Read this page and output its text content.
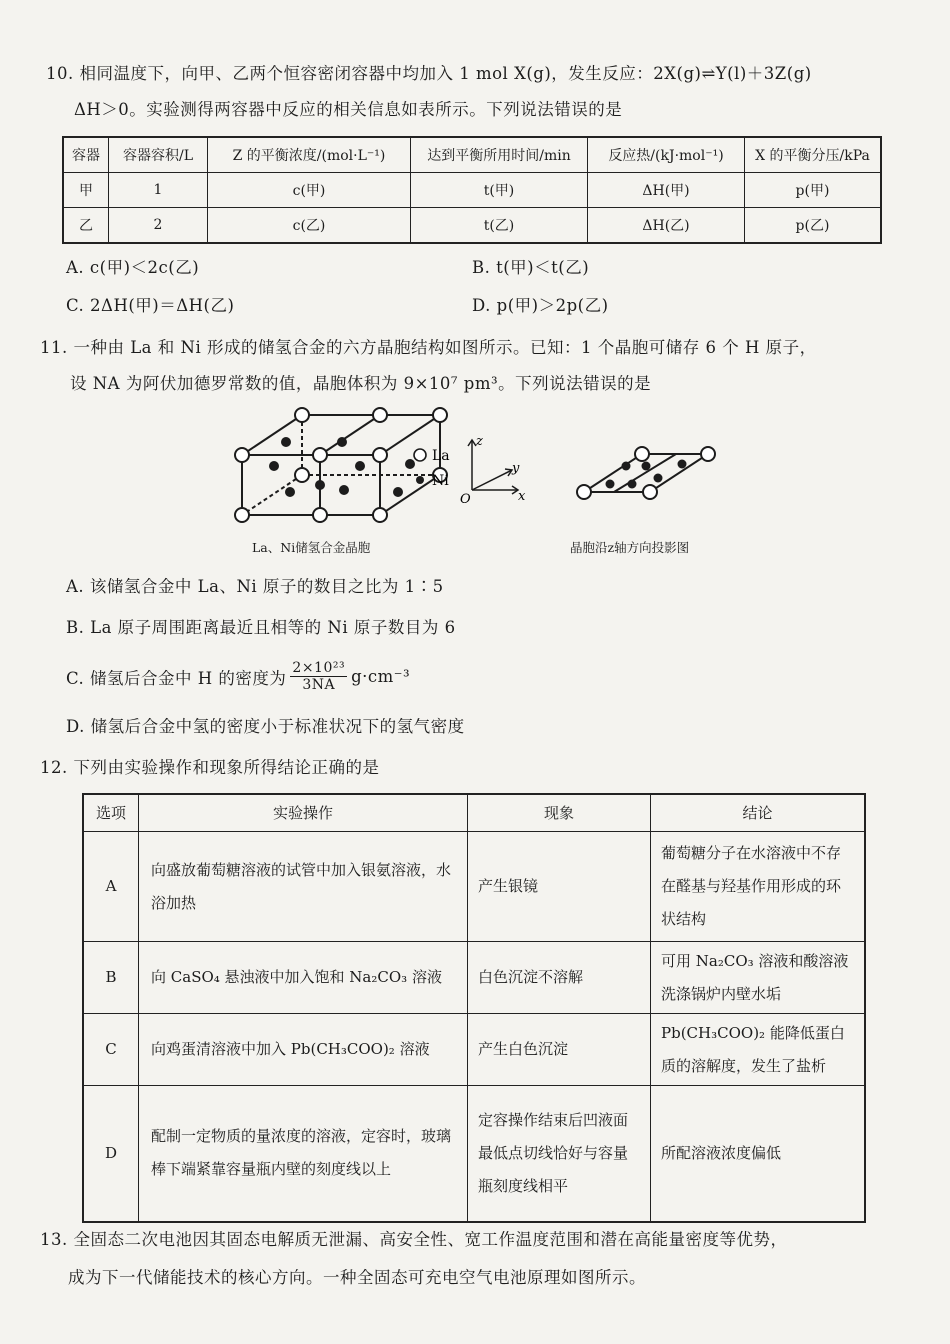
10. 相同温度下，向甲、乙两个恒容密闭容器中均加入 1 mol X(g)，发生反应：2X(g)⇌Y(l)＋3Z(g)
ΔH＞0。实验测得两容器中反应的相关信息如表所示。下列说法错误的是
容器	容器容积/L	Z 的平衡浓度/(mol·L⁻¹)	达到平衡所用时间/min	反应热/(kJ·mol⁻¹)	X 的平衡分压/kPa
甲	1	c(甲)	t(甲)	ΔH(甲)	p(甲)
乙	2	c(乙)	t(乙)	ΔH(乙)	p(乙)
A. c(甲)＜2c(乙)	B. t(甲)＜t(乙)
C. 2ΔH(甲)＝ΔH(乙)	D. p(甲)＞2p(乙)
11. 一种由 La 和 Ni 形成的储氢合金的六方晶胞结构如图所示。已知：1 个晶胞可储存 6 个 H 原子，
设 NA 为阿伏加德罗常数的值，晶胞体积为 9×10⁷ pm³。下列说法错误的是
La
Ni
z
y
x
O
La、Ni储氢合金晶胞	晶胞沿z轴方向投影图
A. 该储氢合金中 La、Ni 原子的数目之比为 1∶5
B. La 原子周围距离最近且相等的 Ni 原子数目为 6
C. 储氢后合金中 H 的密度为 $\frac{\text{2×10²³}}{3NA} g\cdot cm^{-3}$
D. 储氢后合金中氢的密度小于标准状况下的氢气密度
12. 下列由实验操作和现象所得结论正确的是
选项	实验操作	现象	结论
A	向盛放葡萄糖溶液的试管中加入银氨溶液，水浴加热	产生银镜	葡萄糖分子在水溶液中不存在醛基与羟基作用形成的环状结构
B	向 CaSO₄ 悬浊液中加入饱和 Na₂CO₃ 溶液	白色沉淀不溶解	可用 Na₂CO₃ 溶液和酸溶液洗涤锅炉内壁水垢
C	向鸡蛋清溶液中加入 Pb(CH₃COO)₂ 溶液	产生白色沉淀	Pb(CH₃COO)₂ 能降低蛋白质的溶解度，发生了盐析
D	配制一定物质的量浓度的溶液，定容时，玻璃棒下端紧靠容量瓶内壁的刻度线以上	定容操作结束后凹液面最低点切线恰好与容量瓶刻度线相平	所配溶液浓度偏低
13. 全固态二次电池因其固态电解质无泄漏、高安全性、宽工作温度范围和潜在高能量密度等优势，
成为下一代储能技术的核心方向。一种全固态可充电空气电池原理如图所示。
